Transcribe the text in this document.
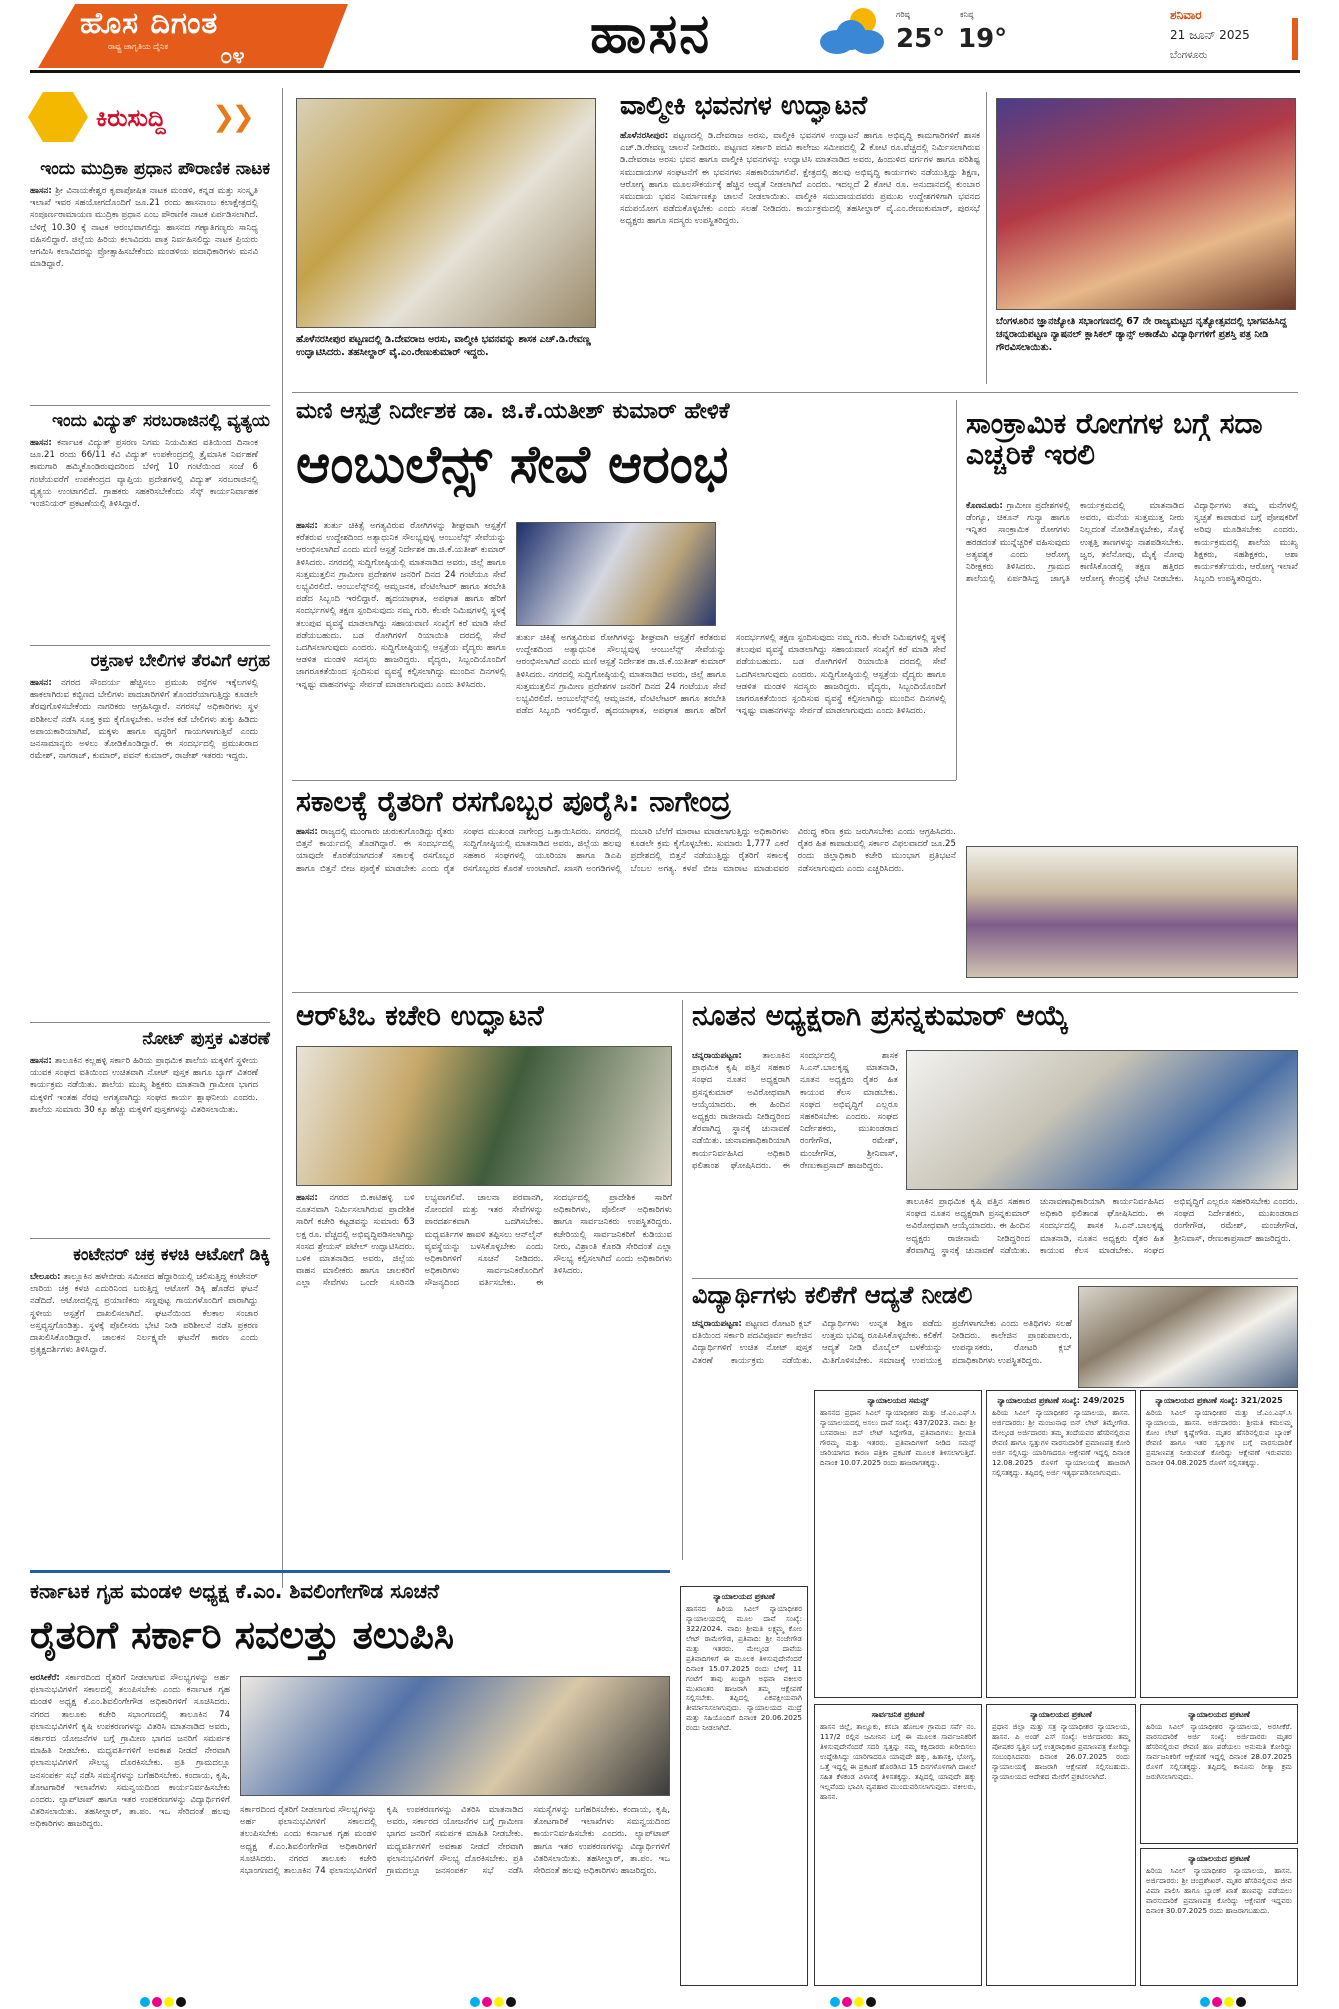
ಹೊಸ ದಿಗಂತ
ರಾಷ್ಟ್ರ ಜಾಗೃತಿಯ ದೈನಿಕ ೦೪	ಹಾಸನ	ಗರಿಷ್ಠ
25°
ಕನಿಷ್ಠ
19°
ಶನಿವಾರ
21 ಜೂನ್ 2025
ಬೆಂಗಳೂರು
ಕಿರುಸುದ್ದಿ ❯❯
ಇಂದು ಮುದ್ರಿಕಾ ಪ್ರಧಾನ ಪೌರಾಣಿಕ ನಾಟಕ
ಹಾಸನ: ಶ್ರೀ ವಿನಾಯಕೇಶ್ವರ ಕೃಪಾಪೋಷಿತ ನಾಟಕ ಮಂಡಳಿ, ಕನ್ನಡ ಮತ್ತು ಸಂಸ್ಕೃತಿ ಇಲಾಖೆ ಇವರ ಸಹಯೋಗದೊಂದಿಗೆ ಜೂ.21 ರಂದು ಹಾಸನಾಂಬ ಕಲಾಕ್ಷೇತ್ರದಲ್ಲಿ ಸಂಪೂರ್ಣರಾಮಾಯಣ ಮುದ್ರಿಕಾ ಪ್ರಧಾನ ಎಂಬ ಪೌರಾಣಿಕ ನಾಟಕ ಏರ್ಪಡಿಸಲಾಗಿದೆ. ಬೆಳಿಗ್ಗೆ 10.30 ಕ್ಕೆ ನಾಟಕ ಆರಂಭವಾಗಲಿದ್ದು ಹಾಸನದ ಗಣ್ಯಾತಿಗಣ್ಯರು ಸಾನಿಧ್ಯ ವಹಿಸಲಿದ್ದಾರೆ. ಜಿಲ್ಲೆಯ ಹಿರಿಯ ಕಲಾವಿದರು ಪಾತ್ರ ನಿರ್ವಹಿಸಲಿದ್ದು ನಾಟಕ ಪ್ರಿಯರು ಆಗಮಿಸಿ ಕಲಾವಿದರನ್ನು ಪ್ರೋತ್ಸಾಹಿಸಬೇಕೆಂದು ಮಂಡಳಿಯ ಪದಾಧಿಕಾರಿಗಳು ಮನವಿ ಮಾಡಿದ್ದಾರೆ.
ಇಂದು ವಿದ್ಯುತ್ ಸರಬರಾಜಿನಲ್ಲಿ ವ್ಯತ್ಯಯ
ಹಾಸನ: ಕರ್ನಾಟಕ ವಿದ್ಯುತ್ ಪ್ರಸರಣ ನಿಗಮ ನಿಯಮಿತದ ವತಿಯಿಂದ ದಿನಾಂಕ ಜೂ.21 ರಂದು 66/11 ಕೆವಿ ವಿದ್ಯುತ್ ಉಪಕೇಂದ್ರದಲ್ಲಿ ತ್ರೈಮಾಸಿಕ ನಿರ್ವಹಣೆ ಕಾಮಗಾರಿ ಹಮ್ಮಿಕೊಂಡಿರುವುದರಿಂದ ಬೆಳಿಗ್ಗೆ 10 ಗಂಟೆಯಿಂದ ಸಂಜೆ 6 ಗಂಟೆಯವರೆಗೆ ಉಪಕೇಂದ್ರದ ವ್ಯಾಪ್ತಿಯ ಪ್ರದೇಶಗಳಲ್ಲಿ ವಿದ್ಯುತ್ ಸರಬರಾಜಿನಲ್ಲಿ ವ್ಯತ್ಯಯ ಉಂಟಾಗಲಿದೆ. ಗ್ರಾಹಕರು ಸಹಕರಿಸಬೇಕೆಂದು ಸೆಸ್ಕ್ ಕಾರ್ಯನಿರ್ವಾಹಕ ಇಂಜಿನಿಯರ್ ಪ್ರಕಟಣೆಯಲ್ಲಿ ತಿಳಿಸಿದ್ದಾರೆ.
ರಕ್ತನಾಳ ಬೇಲಿಗಳ ತೆರವಿಗೆ ಆಗ್ರಹ
ಹಾಸನ: ನಗರದ ಸೌಂದರ್ಯ ಹೆಚ್ಚಿಸಲು ಪ್ರಮುಖ ರಸ್ತೆಗಳ ಇಕ್ಕೆಲಗಳಲ್ಲಿ ಹಾಕಲಾಗಿರುವ ಕಬ್ಬಿಣದ ಬೇಲಿಗಳು ಪಾದಚಾರಿಗಳಿಗೆ ತೊಂದರೆಯಾಗುತ್ತಿದ್ದು ಕೂಡಲೇ ತೆರವುಗೊಳಿಸಬೇಕೆಂದು ನಾಗರಿಕರು ಆಗ್ರಹಿಸಿದ್ದಾರೆ. ನಗರಸಭೆ ಅಧಿಕಾರಿಗಳು ಸ್ಥಳ ಪರಿಶೀಲನೆ ನಡೆಸಿ ಸೂಕ್ತ ಕ್ರಮ ಕೈಗೊಳ್ಳಬೇಕು. ಅನೇಕ ಕಡೆ ಬೇಲಿಗಳು ತುಕ್ಕು ಹಿಡಿದು ಅಪಾಯಕಾರಿಯಾಗಿವೆ, ಮಕ್ಕಳು ಹಾಗೂ ವೃದ್ಧರಿಗೆ ಗಾಯಗಳಾಗುತ್ತಿವೆ ಎಂದು ಜನಸಾಮಾನ್ಯರು ಅಳಲು ತೋಡಿಕೊಂಡಿದ್ದಾರೆ. ಈ ಸಂದರ್ಭದಲ್ಲಿ ಪ್ರಮುಖರಾದ ರಮೇಶ್, ನಾಗರಾಜ್, ಕುಮಾರ್, ಪವನ್ ಕುಮಾರ್, ರಾಜೇಶ್ ಇತರರು ಇದ್ದರು.
ನೋಟ್ ಪುಸ್ತಕ ವಿತರಣೆ
ಹಾಸನ: ತಾಲೂಕಿನ ಕಲ್ಲಹಳ್ಳಿ ಸರ್ಕಾರಿ ಹಿರಿಯ ಪ್ರಾಥಮಿಕ ಶಾಲೆಯ ಮಕ್ಕಳಿಗೆ ಸ್ಥಳೀಯ ಯುವಕ ಸಂಘದ ವತಿಯಿಂದ ಉಚಿತವಾಗಿ ನೋಟ್ ಪುಸ್ತಕ ಹಾಗೂ ಬ್ಯಾಗ್ ವಿತರಣೆ ಕಾರ್ಯಕ್ರಮ ನಡೆಯಿತು. ಶಾಲೆಯ ಮುಖ್ಯ ಶಿಕ್ಷಕರು ಮಾತನಾಡಿ ಗ್ರಾಮೀಣ ಭಾಗದ ಮಕ್ಕಳಿಗೆ ಇಂತಹ ನೆರವು ಅಗತ್ಯವಾಗಿದ್ದು ಸಂಘದ ಕಾರ್ಯ ಶ್ಲಾಘನೀಯ ಎಂದರು. ಶಾಲೆಯ ಸುಮಾರು 30 ಕ್ಕೂ ಹೆಚ್ಚು ಮಕ್ಕಳಿಗೆ ಪುಸ್ತಕಗಳನ್ನು ವಿತರಿಸಲಾಯಿತು.
ಕಂಟೇನರ್ ಚಕ್ರ ಕಳಚಿ ಆಟೋಗೆ ಡಿಕ್ಕಿ
ಬೇಲೂರು: ತಾಲ್ಲೂಕಿನ ಹಳೇಬೀಡು ಸಮೀಪದ ಹೆದ್ದಾರಿಯಲ್ಲಿ ಚಲಿಸುತ್ತಿದ್ದ ಕಂಟೇನರ್ ಲಾರಿಯ ಚಕ್ರ ಕಳಚಿ ಎದುರಿನಿಂದ ಬರುತ್ತಿದ್ದ ಆಟೋಗೆ ಡಿಕ್ಕಿ ಹೊಡೆದ ಘಟನೆ ನಡೆದಿದೆ. ಆಟೋದಲ್ಲಿದ್ದ ಪ್ರಯಾಣಿಕರು ಸಣ್ಣಪುಟ್ಟ ಗಾಯಗಳೊಂದಿಗೆ ಪಾರಾಗಿದ್ದು ಸ್ಥಳೀಯ ಆಸ್ಪತ್ರೆಗೆ ದಾಖಲಿಸಲಾಗಿದೆ. ಘಟನೆಯಿಂದ ಕೆಲಕಾಲ ಸಂಚಾರ ಅಸ್ತವ್ಯಸ್ತಗೊಂಡಿತ್ತು. ಸ್ಥಳಕ್ಕೆ ಪೊಲೀಸರು ಭೇಟಿ ನೀಡಿ ಪರಿಶೀಲನೆ ನಡೆಸಿ ಪ್ರಕರಣ ದಾಖಲಿಸಿಕೊಂಡಿದ್ದಾರೆ. ಚಾಲಕನ ನಿರ್ಲಕ್ಷ್ಯವೇ ಘಟನೆಗೆ ಕಾರಣ ಎಂದು ಪ್ರತ್ಯಕ್ಷದರ್ಶಿಗಳು ತಿಳಿಸಿದ್ದಾರೆ.
ಹೊಳೆನರಸೀಪುರ ಪಟ್ಟಣದಲ್ಲಿ ಡಿ.ದೇವರಾಜ ಅರಸು, ವಾಲ್ಮೀಕಿ ಭವನವನ್ನು ಶಾಸಕ ಎಚ್.ಡಿ.ರೇವಣ್ಣ ಉದ್ಘಾಟಿಸಿದರು. ತಹಸೀಲ್ದಾರ್ ವೈ.ಎಂ.ರೇಣುಕುಮಾರ್ ಇದ್ದರು.
ವಾಲ್ಮೀಕಿ ಭವನಗಳ ಉದ್ಘಾಟನೆ
ಹೊಳೆನರಸೀಪುರ: ಪಟ್ಟಣದಲ್ಲಿ ಡಿ.ದೇವರಾಜ ಅರಸು, ವಾಲ್ಮೀಕಿ ಭವನಗಳ ಉದ್ಘಾಟನೆ ಹಾಗೂ ಅಭಿವೃದ್ಧಿ ಕಾಮಗಾರಿಗಳಿಗೆ ಶಾಸಕ ಎಚ್.ಡಿ.ರೇವಣ್ಣ ಚಾಲನೆ ನೀಡಿದರು. ಪಟ್ಟಣದ ಸರ್ಕಾರಿ ಪದವಿ ಕಾಲೇಜು ಸಮೀಪದಲ್ಲಿ 2 ಕೋಟಿ ರೂ.ವೆಚ್ಚದಲ್ಲಿ ನಿರ್ಮಿಸಲಾಗಿರುವ ಡಿ.ದೇವರಾಜ ಅರಸು ಭವನ ಹಾಗೂ ವಾಲ್ಮೀಕಿ ಭವನಗಳನ್ನು ಉದ್ಘಾಟಿಸಿ ಮಾತನಾಡಿದ ಅವರು, ಹಿಂದುಳಿದ ವರ್ಗಗಳ ಹಾಗೂ ಪರಿಶಿಷ್ಟ ಸಮುದಾಯಗಳ ಸಂಘಟನೆಗೆ ಈ ಭವನಗಳು ಸಹಕಾರಿಯಾಗಲಿವೆ. ಕ್ಷೇತ್ರದಲ್ಲಿ ಹಲವು ಅಭಿವೃದ್ಧಿ ಕಾರ್ಯಗಳು ನಡೆಯುತ್ತಿದ್ದು ಶಿಕ್ಷಣ, ಆರೋಗ್ಯ ಹಾಗೂ ಮೂಲಸೌಕರ್ಯಕ್ಕೆ ಹೆಚ್ಚಿನ ಆದ್ಯತೆ ನೀಡಲಾಗಿದೆ ಎಂದರು. ಇದಲ್ಲದೆ 2 ಕೋಟಿ ರೂ. ಅನುದಾನದಲ್ಲಿ ಕುಂಬಾರ ಸಮುದಾಯ ಭವನ ನಿರ್ಮಾಣಕ್ಕೂ ಚಾಲನೆ ನೀಡಲಾಯಿತು. ವಾಲ್ಮೀಕಿ ಸಮುದಾಯದವರು ಪ್ರಮುಖ ಉದ್ದೇಶಗಳಿಗಾಗಿ ಭವನದ ಸದುಪಯೋಗ ಪಡೆದುಕೊಳ್ಳಬೇಕು ಎಂದು ಸಲಹೆ ನೀಡಿದರು. ಕಾರ್ಯಕ್ರಮದಲ್ಲಿ ತಹಸೀಲ್ದಾರ್ ವೈ.ಎಂ.ರೇಣುಕುಮಾರ್, ಪುರಸಭೆ ಅಧ್ಯಕ್ಷರು ಹಾಗೂ ಸದಸ್ಯರು ಉಪಸ್ಥಿತರಿದ್ದರು.
ಬೆಂಗಳೂರಿನ ಜ್ಞಾನಜ್ಯೋತಿ ಸಭಾಂಗಣದಲ್ಲಿ 67 ನೇ ರಾಜ್ಯಮಟ್ಟದ ನೃತ್ಯೋತ್ಸವದಲ್ಲಿ ಭಾಗವಹಿಸಿದ್ದ ಚನ್ನರಾಯಪಟ್ಟಣ ನ್ಯಾಷನಲ್ ಕ್ಲಾಸಿಕಲ್ ಡ್ಯಾನ್ಸ್ ಅಕಾಡೆಮಿ ವಿದ್ಯಾರ್ಥಿಗಳಿಗೆ ಪ್ರಶಸ್ತಿ ಪತ್ರ ನೀಡಿ ಗೌರವಿಸಲಾಯಿತು.
ಮಣಿ ಆಸ್ಪತ್ರೆ ನಿರ್ದೇಶಕ ಡಾ. ಜಿ.ಕೆ.ಯತೀಶ್ ಕುಮಾರ್ ಹೇಳಿಕೆ
ಆಂಬುಲೆನ್ಸ್ ಸೇವೆ ಆರಂಭ
ಹಾಸನ: ತುರ್ತು ಚಿಕಿತ್ಸೆ ಅಗತ್ಯವಿರುವ ರೋಗಿಗಳನ್ನು ಶೀಘ್ರವಾಗಿ ಆಸ್ಪತ್ರೆಗೆ ಕರೆತರುವ ಉದ್ದೇಶದಿಂದ ಅತ್ಯಾಧುನಿಕ ಸೌಲಭ್ಯವುಳ್ಳ ಆಂಬುಲೆನ್ಸ್ ಸೇವೆಯನ್ನು ಆರಂಭಿಸಲಾಗಿದೆ ಎಂದು ಮಣಿ ಆಸ್ಪತ್ರೆ ನಿರ್ದೇಶಕ ಡಾ.ಜಿ.ಕೆ.ಯತೀಶ್ ಕುಮಾರ್ ತಿಳಿಸಿದರು. ನಗರದಲ್ಲಿ ಸುದ್ದಿಗೋಷ್ಠಿಯಲ್ಲಿ ಮಾತನಾಡಿದ ಅವರು, ಜಿಲ್ಲೆ ಹಾಗೂ ಸುತ್ತಮುತ್ತಲಿನ ಗ್ರಾಮೀಣ ಪ್ರದೇಶಗಳ ಜನರಿಗೆ ದಿನದ 24 ಗಂಟೆಯೂ ಸೇವೆ ಲಭ್ಯವಿರಲಿದೆ. ಆಂಬುಲೆನ್ಸ್‌ನಲ್ಲಿ ಆಮ್ಲಜನಕ, ವೆಂಟಿಲೇಟರ್ ಹಾಗೂ ತರಬೇತಿ ಪಡೆದ ಸಿಬ್ಬಂದಿ ಇರಲಿದ್ದಾರೆ. ಹೃದಯಾಘಾತ, ಅಪಘಾತ ಹಾಗೂ ಹೆರಿಗೆ ಸಂದರ್ಭಗಳಲ್ಲಿ ತಕ್ಷಣ ಸ್ಪಂದಿಸುವುದು ನಮ್ಮ ಗುರಿ. ಕೆಲವೇ ನಿಮಿಷಗಳಲ್ಲಿ ಸ್ಥಳಕ್ಕೆ ತಲುಪುವ ವ್ಯವಸ್ಥೆ ಮಾಡಲಾಗಿದ್ದು ಸಹಾಯವಾಣಿ ಸಂಖ್ಯೆಗೆ ಕರೆ ಮಾಡಿ ಸೇವೆ ಪಡೆಯಬಹುದು. ಬಡ ರೋಗಿಗಳಿಗೆ ರಿಯಾಯಿತಿ ದರದಲ್ಲಿ ಸೇವೆ ಒದಗಿಸಲಾಗುವುದು ಎಂದರು. ಸುದ್ದಿಗೋಷ್ಠಿಯಲ್ಲಿ ಆಸ್ಪತ್ರೆಯ ವೈದ್ಯರು ಹಾಗೂ ಆಡಳಿತ ಮಂಡಳಿ ಸದಸ್ಯರು ಹಾಜರಿದ್ದರು. ವೈದ್ಯರು, ಸಿಬ್ಬಂದಿಯೊಂದಿಗೆ ಜಾಗರೂಕತೆಯಿಂದ ಸ್ಪಂದಿಸುವ ವ್ಯವಸ್ಥೆ ಕಲ್ಪಿಸಲಾಗಿದ್ದು ಮುಂದಿನ ದಿನಗಳಲ್ಲಿ ಇನ್ನಷ್ಟು ವಾಹನಗಳನ್ನು ಸೇರ್ಪಡೆ ಮಾಡಲಾಗುವುದು ಎಂದು ತಿಳಿಸಿದರು.
ತುರ್ತು ಚಿಕಿತ್ಸೆ ಅಗತ್ಯವಿರುವ ರೋಗಿಗಳನ್ನು ಶೀಘ್ರವಾಗಿ ಆಸ್ಪತ್ರೆಗೆ ಕರೆತರುವ ಉದ್ದೇಶದಿಂದ ಅತ್ಯಾಧುನಿಕ ಸೌಲಭ್ಯವುಳ್ಳ ಆಂಬುಲೆನ್ಸ್ ಸೇವೆಯನ್ನು ಆರಂಭಿಸಲಾಗಿದೆ ಎಂದು ಮಣಿ ಆಸ್ಪತ್ರೆ ನಿರ್ದೇಶಕ ಡಾ.ಜಿ.ಕೆ.ಯತೀಶ್ ಕುಮಾರ್ ತಿಳಿಸಿದರು. ನಗರದಲ್ಲಿ ಸುದ್ದಿಗೋಷ್ಠಿಯಲ್ಲಿ ಮಾತನಾಡಿದ ಅವರು, ಜಿಲ್ಲೆ ಹಾಗೂ ಸುತ್ತಮುತ್ತಲಿನ ಗ್ರಾಮೀಣ ಪ್ರದೇಶಗಳ ಜನರಿಗೆ ದಿನದ 24 ಗಂಟೆಯೂ ಸೇವೆ ಲಭ್ಯವಿರಲಿದೆ. ಆಂಬುಲೆನ್ಸ್‌ನಲ್ಲಿ ಆಮ್ಲಜನಕ, ವೆಂಟಿಲೇಟರ್ ಹಾಗೂ ತರಬೇತಿ ಪಡೆದ ಸಿಬ್ಬಂದಿ ಇರಲಿದ್ದಾರೆ. ಹೃದಯಾಘಾತ, ಅಪಘಾತ ಹಾಗೂ ಹೆರಿಗೆ ಸಂದರ್ಭಗಳಲ್ಲಿ ತಕ್ಷಣ ಸ್ಪಂದಿಸುವುದು ನಮ್ಮ ಗುರಿ. ಕೆಲವೇ ನಿಮಿಷಗಳಲ್ಲಿ ಸ್ಥಳಕ್ಕೆ ತಲುಪುವ ವ್ಯವಸ್ಥೆ ಮಾಡಲಾಗಿದ್ದು ಸಹಾಯವಾಣಿ ಸಂಖ್ಯೆಗೆ ಕರೆ ಮಾಡಿ ಸೇವೆ ಪಡೆಯಬಹುದು. ಬಡ ರೋಗಿಗಳಿಗೆ ರಿಯಾಯಿತಿ ದರದಲ್ಲಿ ಸೇವೆ ಒದಗಿಸಲಾಗುವುದು ಎಂದರು. ಸುದ್ದಿಗೋಷ್ಠಿಯಲ್ಲಿ ಆಸ್ಪತ್ರೆಯ ವೈದ್ಯರು ಹಾಗೂ ಆಡಳಿತ ಮಂಡಳಿ ಸದಸ್ಯರು ಹಾಜರಿದ್ದರು. ವೈದ್ಯರು, ಸಿಬ್ಬಂದಿಯೊಂದಿಗೆ ಜಾಗರೂಕತೆಯಿಂದ ಸ್ಪಂದಿಸುವ ವ್ಯವಸ್ಥೆ ಕಲ್ಪಿಸಲಾಗಿದ್ದು ಮುಂದಿನ ದಿನಗಳಲ್ಲಿ ಇನ್ನಷ್ಟು ವಾಹನಗಳನ್ನು ಸೇರ್ಪಡೆ ಮಾಡಲಾಗುವುದು ಎಂದು ತಿಳಿಸಿದರು.
ಸಾಂಕ್ರಾಮಿಕ ರೋಗಗಳ ಬಗ್ಗೆ ಸದಾ ಎಚ್ಚರಿಕೆ ಇರಲಿ
ಕೊಣನೂರು: ಗ್ರಾಮೀಣ ಪ್ರದೇಶಗಳಲ್ಲಿ ಡೆಂಗ್ಯೂ, ಚಿಕೂನ್ ಗುನ್ಯಾ ಹಾಗೂ ಇನ್ನಿತರ ಸಾಂಕ್ರಾಮಿಕ ರೋಗಗಳು ಹರಡದಂತೆ ಮುನ್ನೆಚ್ಚರಿಕೆ ವಹಿಸುವುದು ಅತ್ಯವಶ್ಯಕ ಎಂದು ಆರೋಗ್ಯ ನಿರೀಕ್ಷಕರು ತಿಳಿಸಿದರು. ಗ್ರಾಮದ ಶಾಲೆಯಲ್ಲಿ ಏರ್ಪಡಿಸಿದ್ದ ಜಾಗೃತಿ ಕಾರ್ಯಕ್ರಮದಲ್ಲಿ ಮಾತನಾಡಿದ ಅವರು, ಮನೆಯ ಸುತ್ತಮುತ್ತ ನೀರು ನಿಲ್ಲದಂತೆ ನೋಡಿಕೊಳ್ಳಬೇಕು, ಸೊಳ್ಳೆ ಉತ್ಪತ್ತಿ ತಾಣಗಳನ್ನು ನಾಶಪಡಿಸಬೇಕು. ಜ್ವರ, ತಲೆನೋವು, ಮೈಕೈ ನೋವು ಕಾಣಿಸಿಕೊಂಡಲ್ಲಿ ತಕ್ಷಣ ಹತ್ತಿರದ ಆರೋಗ್ಯ ಕೇಂದ್ರಕ್ಕೆ ಭೇಟಿ ನೀಡಬೇಕು. ವಿದ್ಯಾರ್ಥಿಗಳು ತಮ್ಮ ಮನೆಗಳಲ್ಲಿ ಸ್ವಚ್ಛತೆ ಕಾಪಾಡುವ ಬಗ್ಗೆ ಪೋಷಕರಿಗೆ ಅರಿವು ಮೂಡಿಸಬೇಕು ಎಂದರು. ಕಾರ್ಯಕ್ರಮದಲ್ಲಿ ಶಾಲೆಯ ಮುಖ್ಯ ಶಿಕ್ಷಕರು, ಸಹಶಿಕ್ಷಕರು, ಆಶಾ ಕಾರ್ಯಕರ್ತೆಯರು, ಆರೋಗ್ಯ ಇಲಾಖೆ ಸಿಬ್ಬಂದಿ ಉಪಸ್ಥಿತರಿದ್ದರು.
ಸಕಾಲಕ್ಕೆ ರೈತರಿಗೆ ರಸಗೊಬ್ಬರ ಪೂರೈಸಿ: ನಾಗೇಂದ್ರ
ಹಾಸನ: ರಾಜ್ಯದಲ್ಲಿ ಮುಂಗಾರು ಚುರುಕುಗೊಂಡಿದ್ದು ರೈತರು ಬಿತ್ತನೆ ಕಾರ್ಯದಲ್ಲಿ ತೊಡಗಿದ್ದಾರೆ. ಈ ಸಂದರ್ಭದಲ್ಲಿ ಯಾವುದೇ ಕೊರತೆಯಾಗದಂತೆ ಸಕಾಲಕ್ಕೆ ರಸಗೊಬ್ಬರ ಹಾಗೂ ಬಿತ್ತನೆ ಬೀಜ ಪೂರೈಕೆ ಮಾಡಬೇಕು ಎಂದು ರೈತ ಸಂಘದ ಮುಖಂಡ ನಾಗೇಂದ್ರ ಒತ್ತಾಯಿಸಿದರು. ನಗರದಲ್ಲಿ ಸುದ್ದಿಗೋಷ್ಠಿಯಲ್ಲಿ ಮಾತನಾಡಿದ ಅವರು, ಜಿಲ್ಲೆಯ ಹಲವು ಸಹಕಾರ ಸಂಘಗಳಲ್ಲಿ ಯೂರಿಯಾ ಹಾಗೂ ಡಿಎಪಿ ರಸಗೊಬ್ಬರದ ಕೊರತೆ ಉಂಟಾಗಿದೆ. ಖಾಸಗಿ ಅಂಗಡಿಗಳಲ್ಲಿ ದುಬಾರಿ ಬೆಲೆಗೆ ಮಾರಾಟ ಮಾಡಲಾಗುತ್ತಿದ್ದು ಅಧಿಕಾರಿಗಳು ಕೂಡಲೇ ಕ್ರಮ ಕೈಗೊಳ್ಳಬೇಕು. ಸುಮಾರು 1,777 ಎಕರೆ ಪ್ರದೇಶದಲ್ಲಿ ಬಿತ್ತನೆ ನಡೆಯುತ್ತಿದ್ದು ರೈತರಿಗೆ ಸಕಾಲಕ್ಕೆ ಬೆಂಬಲ ಅಗತ್ಯ. ಕಳಪೆ ಬೀಜ ಮಾರಾಟ ಮಾಡುವವರ ವಿರುದ್ಧ ಕಠಿಣ ಕ್ರಮ ಜರುಗಿಸಬೇಕು ಎಂದು ಆಗ್ರಹಿಸಿದರು. ರೈತರ ಹಿತ ಕಾಪಾಡುವಲ್ಲಿ ಸರ್ಕಾರ ವಿಫಲವಾದರೆ ಜೂ.25 ರಂದು ಜಿಲ್ಲಾಧಿಕಾರಿ ಕಚೇರಿ ಮುಂಭಾಗ ಪ್ರತಿಭಟನೆ ನಡೆಸಲಾಗುವುದು ಎಂದು ಎಚ್ಚರಿಸಿದರು.
ಆರ್‌ಟಿಒ ಕಚೇರಿ ಉದ್ಘಾಟನೆ
ಹಾಸನ: ನಗರದ ಬಿ.ಕಾಟಿಹಳ್ಳಿ ಬಳಿ ನೂತನವಾಗಿ ನಿರ್ಮಿಸಲಾಗಿರುವ ಪ್ರಾದೇಶಿಕ ಸಾರಿಗೆ ಕಚೇರಿ ಕಟ್ಟಡವನ್ನು ಸುಮಾರು 63 ಲಕ್ಷ ರೂ. ವೆಚ್ಚದಲ್ಲಿ ಅಭಿವೃದ್ಧಿಪಡಿಸಲಾಗಿದ್ದು ಸಂಸದ ಶ್ರೇಯಸ್ ಪಟೇಲ್ ಉದ್ಘಾಟಿಸಿದರು. ಬಳಿಕ ಮಾತನಾಡಿದ ಅವರು, ಜಿಲ್ಲೆಯ ವಾಹನ ಮಾಲೀಕರು ಹಾಗೂ ಚಾಲಕರಿಗೆ ಎಲ್ಲಾ ಸೇವೆಗಳು ಒಂದೇ ಸೂರಿನಡಿ ಲಭ್ಯವಾಗಲಿವೆ. ಚಾಲನಾ ಪರವಾನಗಿ, ನೋಂದಣಿ ಮತ್ತು ಇತರ ಸೇವೆಗಳನ್ನು ಪಾರದರ್ಶಕವಾಗಿ ಒದಗಿಸಬೇಕು. ಮಧ್ಯವರ್ತಿಗಳ ಹಾವಳಿ ತಪ್ಪಿಸಲು ಆನ್‌ಲೈನ್ ವ್ಯವಸ್ಥೆಯನ್ನು ಬಳಸಿಕೊಳ್ಳಬೇಕು ಎಂದು ಅಧಿಕಾರಿಗಳಿಗೆ ಸೂಚನೆ ನೀಡಿದರು. ಅಧಿಕಾರಿಗಳು ಸಾರ್ವಜನಿಕರೊಂದಿಗೆ ಸೌಜನ್ಯದಿಂದ ವರ್ತಿಸಬೇಕು. ಈ ಸಂದರ್ಭದಲ್ಲಿ ಪ್ರಾದೇಶಿಕ ಸಾರಿಗೆ ಅಧಿಕಾರಿಗಳು, ಪೊಲೀಸ್ ಅಧಿಕಾರಿಗಳು ಹಾಗೂ ಸಾರ್ವಜನಿಕರು ಉಪಸ್ಥಿತರಿದ್ದರು. ಕಚೇರಿಯಲ್ಲಿ ಸಾರ್ವಜನಿಕರಿಗೆ ಕುಡಿಯುವ ನೀರು, ವಿಶ್ರಾಂತಿ ಕೊಠಡಿ ಸೇರಿದಂತೆ ಎಲ್ಲಾ ಸೌಲಭ್ಯ ಕಲ್ಪಿಸಲಾಗಿದೆ ಎಂದು ಅಧಿಕಾರಿಗಳು ತಿಳಿಸಿದರು.
ನೂತನ ಅಧ್ಯಕ್ಷರಾಗಿ ಪ್ರಸನ್ನಕುಮಾರ್ ಆಯ್ಕೆ
ಚನ್ನರಾಯಪಟ್ಟಣ: ತಾಲೂಕಿನ ಪ್ರಾಥಮಿಕ ಕೃಷಿ ಪತ್ತಿನ ಸಹಕಾರ ಸಂಘದ ನೂತನ ಅಧ್ಯಕ್ಷರಾಗಿ ಪ್ರಸನ್ನಕುಮಾರ್ ಅವಿರೋಧವಾಗಿ ಆಯ್ಕೆಯಾದರು. ಈ ಹಿಂದಿನ ಅಧ್ಯಕ್ಷರು ರಾಜೀನಾಮೆ ನೀಡಿದ್ದರಿಂದ ತೆರವಾಗಿದ್ದ ಸ್ಥಾನಕ್ಕೆ ಚುನಾವಣೆ ನಡೆಯಿತು. ಚುನಾವಣಾಧಿಕಾರಿಯಾಗಿ ಕಾರ್ಯನಿರ್ವಹಿಸಿದ ಅಧಿಕಾರಿ ಫಲಿತಾಂಶ ಘೋಷಿಸಿದರು. ಈ ಸಂದರ್ಭದಲ್ಲಿ ಶಾಸಕ ಸಿ.ಎನ್.ಬಾಲಕೃಷ್ಣ ಮಾತನಾಡಿ, ನೂತನ ಅಧ್ಯಕ್ಷರು ರೈತರ ಹಿತ ಕಾಯುವ ಕೆಲಸ ಮಾಡಬೇಕು. ಸಂಘದ ಅಭಿವೃದ್ಧಿಗೆ ಎಲ್ಲರೂ ಸಹಕರಿಸಬೇಕು ಎಂದರು. ಸಂಘದ ನಿರ್ದೇಶಕರು, ಮುಖಂಡರಾದ ರಂಗೇಗೌಡ, ರಮೇಶ್, ಮಂಜೇಗೌಡ, ಶ್ರೀನಿವಾಸ್, ರೇಣುಕಾಪ್ರಸಾದ್ ಹಾಜರಿದ್ದರು.
ತಾಲೂಕಿನ ಪ್ರಾಥಮಿಕ ಕೃಷಿ ಪತ್ತಿನ ಸಹಕಾರ ಸಂಘದ ನೂತನ ಅಧ್ಯಕ್ಷರಾಗಿ ಪ್ರಸನ್ನಕುಮಾರ್ ಅವಿರೋಧವಾಗಿ ಆಯ್ಕೆಯಾದರು. ಈ ಹಿಂದಿನ ಅಧ್ಯಕ್ಷರು ರಾಜೀನಾಮೆ ನೀಡಿದ್ದರಿಂದ ತೆರವಾಗಿದ್ದ ಸ್ಥಾನಕ್ಕೆ ಚುನಾವಣೆ ನಡೆಯಿತು. ಚುನಾವಣಾಧಿಕಾರಿಯಾಗಿ ಕಾರ್ಯನಿರ್ವಹಿಸಿದ ಅಧಿಕಾರಿ ಫಲಿತಾಂಶ ಘೋಷಿಸಿದರು. ಈ ಸಂದರ್ಭದಲ್ಲಿ ಶಾಸಕ ಸಿ.ಎನ್.ಬಾಲಕೃಷ್ಣ ಮಾತನಾಡಿ, ನೂತನ ಅಧ್ಯಕ್ಷರು ರೈತರ ಹಿತ ಕಾಯುವ ಕೆಲಸ ಮಾಡಬೇಕು. ಸಂಘದ ಅಭಿವೃದ್ಧಿಗೆ ಎಲ್ಲರೂ ಸಹಕರಿಸಬೇಕು ಎಂದರು. ಸಂಘದ ನಿರ್ದೇಶಕರು, ಮುಖಂಡರಾದ ರಂಗೇಗೌಡ, ರಮೇಶ್, ಮಂಜೇಗೌಡ, ಶ್ರೀನಿವಾಸ್, ರೇಣುಕಾಪ್ರಸಾದ್ ಹಾಜರಿದ್ದರು.
ವಿದ್ಯಾರ್ಥಿಗಳು ಕಲಿಕೆಗೆ ಆದ್ಯತೆ ನೀಡಲಿ
ಚನ್ನರಾಯಪಟ್ಟಣ: ಪಟ್ಟಣದ ರೋಟರಿ ಕ್ಲಬ್ ವತಿಯಿಂದ ಸರ್ಕಾರಿ ಪದವಿಪೂರ್ವ ಕಾಲೇಜಿನ ವಿದ್ಯಾರ್ಥಿಗಳಿಗೆ ಉಚಿತ ನೋಟ್ ಪುಸ್ತಕ ವಿತರಣೆ ಕಾರ್ಯಕ್ರಮ ನಡೆಯಿತು. ವಿದ್ಯಾರ್ಥಿಗಳು ಉನ್ನತ ಶಿಕ್ಷಣ ಪಡೆದು ಉತ್ತಮ ಭವಿಷ್ಯ ರೂಪಿಸಿಕೊಳ್ಳಬೇಕು. ಕಲಿಕೆಗೆ ಆದ್ಯತೆ ನೀಡಿ ಮೊಬೈಲ್ ಬಳಕೆಯನ್ನು ಮಿತಿಗೊಳಿಸಬೇಕು. ಸಮಾಜಕ್ಕೆ ಉಪಯುಕ್ತ ಪ್ರಜೆಗಳಾಗಬೇಕು ಎಂದು ಅತಿಥಿಗಳು ಸಲಹೆ ನೀಡಿದರು. ಕಾಲೇಜಿನ ಪ್ರಾಂಶುಪಾಲರು, ಉಪನ್ಯಾಸಕರು, ರೋಟರಿ ಕ್ಲಬ್ ಪದಾಧಿಕಾರಿಗಳು ಉಪಸ್ಥಿತರಿದ್ದರು.
ನ್ಯಾಯಾಲಯದ ಸಮನ್ಸ್
ಹಾಸನದ ಪ್ರಧಾನ ಸಿವಿಲ್ ನ್ಯಾಯಾಧೀಶರ ಮತ್ತು ಜೆ.ಎಂ.ಎಫ್.ಸಿ ನ್ಯಾಯಾಲಯದಲ್ಲಿ ಅಸಲು ದಾವೆ ಸಂಖ್ಯೆ: 437/2023. ವಾದಿ: ಶ್ರೀ ಬಸವರಾಜು ಬಿನ್ ಲೇಟ್ ಸಿದ್ದೇಗೌಡ, ಪ್ರತಿವಾದಿಗಳು: ಶ್ರೀಮತಿ ಗೌರಮ್ಮ ಮತ್ತು ಇತರರು. ಪ್ರತಿವಾದಿಗಳಿಗೆ ನೀಡಿದ ಸಮನ್ಸ್ ಜಾರಿಯಾಗದ ಕಾರಣ ಪತ್ರಿಕಾ ಪ್ರಕಟಣೆ ಮೂಲಕ ತಿಳಿಸಲಾಗುತ್ತಿದೆ. ದಿನಾಂಕ 10.07.2025 ರಂದು ಹಾಜರಾಗತಕ್ಕದ್ದು.
ನ್ಯಾಯಾಲಯದ ಪ್ರಕಟಣೆ ಸಂಖ್ಯೆ: 249/2025
ಹಿರಿಯ ಸಿವಿಲ್ ನ್ಯಾಯಾಧೀಶರ ನ್ಯಾಯಾಲಯ, ಹಾಸನ. ಅರ್ಜಿದಾರರು: ಶ್ರೀ ಮಂಜುನಾಥ ಬಿನ್ ಲೇಟ್ ತಿಮ್ಮೇಗೌಡ. ಮೇಲ್ಕಂಡ ಅರ್ಜಿದಾರರು ತಮ್ಮ ತಂದೆಯವರ ಹೆಸರಿನಲ್ಲಿರುವ ಠೇವಣಿ ಹಾಗೂ ಸ್ವತ್ತುಗಳ ವಾರಸುದಾರಿಕೆ ಪ್ರಮಾಣಪತ್ರ ಕೋರಿ ಅರ್ಜಿ ಸಲ್ಲಿಸಿದ್ದು ಯಾರಿಗಾದರೂ ಆಕ್ಷೇಪಣೆ ಇದ್ದಲ್ಲಿ ದಿನಾಂಕ 12.08.2025 ರೊಳಗೆ ನ್ಯಾಯಾಲಯಕ್ಕೆ ಹಾಜರಾಗಿ ಸಲ್ಲಿಸತಕ್ಕದ್ದು. ತಪ್ಪಿದಲ್ಲಿ ಅರ್ಜಿ ಇತ್ಯರ್ಥಪಡಿಸಲಾಗುವುದು.
ನ್ಯಾಯಾಲಯದ ಪ್ರಕಟಣೆ ಸಂಖ್ಯೆ: 321/2025
ಹಿರಿಯ ಸಿವಿಲ್ ನ್ಯಾಯಾಧೀಶರ ಮತ್ತು ಜೆ.ಎಂ.ಎಫ್.ಸಿ ನ್ಯಾಯಾಲಯ, ಹಾಸನ. ಅರ್ಜಿದಾರರು: ಶ್ರೀಮತಿ ಕಮಲಮ್ಮ ಕೋಂ ಲೇಟ್ ಕೃಷ್ಣೇಗೌಡ. ಮೃತರ ಹೆಸರಿನಲ್ಲಿರುವ ಬ್ಯಾಂಕ್ ಠೇವಣಿ ಹಾಗೂ ಇತರ ಸ್ವತ್ತುಗಳ ಬಗ್ಗೆ ವಾರಸುದಾರಿಕೆ ಪ್ರಮಾಣಪತ್ರ ನೀಡುವಂತೆ ಕೋರಿದ್ದು ಆಕ್ಷೇಪಣೆ ಇರುವವರು ದಿನಾಂಕ 04.08.2025 ರೊಳಗೆ ಸಲ್ಲಿಸತಕ್ಕದ್ದು.
ಕರ್ನಾಟಕ ಗೃಹ ಮಂಡಳಿ ಅಧ್ಯಕ್ಷ ಕೆ.ಎಂ. ಶಿವಲಿಂಗೇಗೌಡ ಸೂಚನೆ
ರೈತರಿಗೆ ಸರ್ಕಾರಿ ಸವಲತ್ತು ತಲುಪಿಸಿ
ಅರಸೀಕೆರೆ: ಸರ್ಕಾರದಿಂದ ರೈತರಿಗೆ ನೀಡಲಾಗುವ ಸೌಲಭ್ಯಗಳನ್ನು ಅರ್ಹ ಫಲಾನುಭವಿಗಳಿಗೆ ಸಕಾಲದಲ್ಲಿ ತಲುಪಿಸಬೇಕು ಎಂದು ಕರ್ನಾಟಕ ಗೃಹ ಮಂಡಳಿ ಅಧ್ಯಕ್ಷ ಕೆ.ಎಂ.ಶಿವಲಿಂಗೇಗೌಡ ಅಧಿಕಾರಿಗಳಿಗೆ ಸೂಚಿಸಿದರು. ನಗರದ ತಾಲೂಕು ಕಚೇರಿ ಸಭಾಂಗಣದಲ್ಲಿ ತಾಲೂಕಿನ 74 ಫಲಾನುಭವಿಗಳಿಗೆ ಕೃಷಿ ಉಪಕರಣಗಳನ್ನು ವಿತರಿಸಿ ಮಾತನಾಡಿದ ಅವರು, ಸರ್ಕಾರದ ಯೋಜನೆಗಳ ಬಗ್ಗೆ ಗ್ರಾಮೀಣ ಭಾಗದ ಜನರಿಗೆ ಸಮರ್ಪಕ ಮಾಹಿತಿ ನೀಡಬೇಕು. ಮಧ್ಯವರ್ತಿಗಳಿಗೆ ಅವಕಾಶ ನೀಡದೆ ನೇರವಾಗಿ ಫಲಾನುಭವಿಗಳಿಗೆ ಸೌಲಭ್ಯ ದೊರಕಿಸಬೇಕು. ಪ್ರತಿ ಗ್ರಾಮದಲ್ಲೂ ಜನಸಂಪರ್ಕ ಸಭೆ ನಡೆಸಿ ಸಮಸ್ಯೆಗಳನ್ನು ಬಗೆಹರಿಸಬೇಕು. ಕಂದಾಯ, ಕೃಷಿ, ತೋಟಗಾರಿಕೆ ಇಲಾಖೆಗಳು ಸಮನ್ವಯದಿಂದ ಕಾರ್ಯನಿರ್ವಹಿಸಬೇಕು ಎಂದರು. ಲ್ಯಾಪ್‌ಟಾಪ್ ಹಾಗೂ ಇತರ ಉಪಕರಣಗಳನ್ನು ವಿದ್ಯಾರ್ಥಿಗಳಿಗೆ ವಿತರಿಸಲಾಯಿತು. ತಹಸೀಲ್ದಾರ್, ತಾ.ಪಂ. ಇಒ ಸೇರಿದಂತೆ ಹಲವು ಅಧಿಕಾರಿಗಳು ಹಾಜರಿದ್ದರು.
ಸರ್ಕಾರದಿಂದ ರೈತರಿಗೆ ನೀಡಲಾಗುವ ಸೌಲಭ್ಯಗಳನ್ನು ಅರ್ಹ ಫಲಾನುಭವಿಗಳಿಗೆ ಸಕಾಲದಲ್ಲಿ ತಲುಪಿಸಬೇಕು ಎಂದು ಕರ್ನಾಟಕ ಗೃಹ ಮಂಡಳಿ ಅಧ್ಯಕ್ಷ ಕೆ.ಎಂ.ಶಿವಲಿಂಗೇಗೌಡ ಅಧಿಕಾರಿಗಳಿಗೆ ಸೂಚಿಸಿದರು. ನಗರದ ತಾಲೂಕು ಕಚೇರಿ ಸಭಾಂಗಣದಲ್ಲಿ ತಾಲೂಕಿನ 74 ಫಲಾನುಭವಿಗಳಿಗೆ ಕೃಷಿ ಉಪಕರಣಗಳನ್ನು ವಿತರಿಸಿ ಮಾತನಾಡಿದ ಅವರು, ಸರ್ಕಾರದ ಯೋಜನೆಗಳ ಬಗ್ಗೆ ಗ್ರಾಮೀಣ ಭಾಗದ ಜನರಿಗೆ ಸಮರ್ಪಕ ಮಾಹಿತಿ ನೀಡಬೇಕು. ಮಧ್ಯವರ್ತಿಗಳಿಗೆ ಅವಕಾಶ ನೀಡದೆ ನೇರವಾಗಿ ಫಲಾನುಭವಿಗಳಿಗೆ ಸೌಲಭ್ಯ ದೊರಕಿಸಬೇಕು. ಪ್ರತಿ ಗ್ರಾಮದಲ್ಲೂ ಜನಸಂಪರ್ಕ ಸಭೆ ನಡೆಸಿ ಸಮಸ್ಯೆಗಳನ್ನು ಬಗೆಹರಿಸಬೇಕು. ಕಂದಾಯ, ಕೃಷಿ, ತೋಟಗಾರಿಕೆ ಇಲಾಖೆಗಳು ಸಮನ್ವಯದಿಂದ ಕಾರ್ಯನಿರ್ವಹಿಸಬೇಕು ಎಂದರು. ಲ್ಯಾಪ್‌ಟಾಪ್ ಹಾಗೂ ಇತರ ಉಪಕರಣಗಳನ್ನು ವಿದ್ಯಾರ್ಥಿಗಳಿಗೆ ವಿತರಿಸಲಾಯಿತು. ತಹಸೀಲ್ದಾರ್, ತಾ.ಪಂ. ಇಒ ಸೇರಿದಂತೆ ಹಲವು ಅಧಿಕಾರಿಗಳು ಹಾಜರಿದ್ದರು.
ನ್ಯಾಯಾಲಯದ ಪ್ರಕಟಣೆ
ಹಾಸನದ ಹಿರಿಯ ಸಿವಿಲ್ ನ್ಯಾಯಾಧೀಶರ ನ್ಯಾಯಾಲಯದಲ್ಲಿ ಮೂಲ ದಾವೆ ಸಂಖ್ಯೆ: 322/2024. ವಾದಿ: ಶ್ರೀಮತಿ ಲಕ್ಷ್ಮಮ್ಮ ಕೋಂ ಲೇಟ್ ರಾಮೇಗೌಡ, ಪ್ರತಿವಾದಿ: ಶ್ರೀ ನಂಜೇಗೌಡ ಮತ್ತು ಇತರರು. ಮೇಲ್ಕಂಡ ದಾವೆಯ ಪ್ರತಿವಾದಿಗಳಿಗೆ ಈ ಮೂಲಕ ತಿಳಿಸುವುದೇನೆಂದರೆ ದಿನಾಂಕ 15.07.2025 ರಂದು ಬೆಳಿಗ್ಗೆ 11 ಗಂಟೆಗೆ ತಾವು ಖುದ್ದಾಗಿ ಅಥವಾ ವಕೀಲರ ಮುಖಾಂತರ ಹಾಜರಾಗಿ ತಮ್ಮ ಆಕ್ಷೇಪಣೆ ಸಲ್ಲಿಸಬೇಕು. ತಪ್ಪಿದಲ್ಲಿ ಏಕಪಕ್ಷೀಯವಾಗಿ ತೀರ್ಮಾನಿಸಲಾಗುವುದು. ನ್ಯಾಯಾಲಯದ ಮುದ್ರೆ ಮತ್ತು ಸಹಿಯೊಂದಿಗೆ ದಿನಾಂಕ 20.06.2025 ರಂದು ನೀಡಲಾಗಿದೆ.
ಸಾರ್ವಜನಿಕ ಪ್ರಕಟಣೆ
ಹಾಸನ ಜಿಲ್ಲೆ, ತಾಲ್ಲೂಕು, ಕಸಬಾ ಹೋಬಳಿ ಗ್ರಾಮದ ಸರ್ವೆ ನಂ. 117/2 ರಲ್ಲಿನ ಜಮೀನಿನ ಬಗ್ಗೆ ಈ ಮೂಲಕ ಸಾರ್ವಜನಿಕರಿಗೆ ತಿಳಿಸುವುದೇನೆಂದರೆ ಸದರಿ ಸ್ವತ್ತನ್ನು ನಮ್ಮ ಕಕ್ಷಿದಾರರು ಖರೀದಿಸಲು ಉದ್ದೇಶಿಸಿದ್ದು ಯಾರಿಗಾದರೂ ಯಾವುದೇ ಹಕ್ಕು, ಹಿತಾಸಕ್ತಿ, ಭೋಗ್ಯ, ಒತ್ತೆ ಇದ್ದಲ್ಲಿ ಈ ಪ್ರಕಟಣೆ ಹೊರಡಿಸಿದ 15 ದಿನಗಳೊಳಗಾಗಿ ದಾಖಲೆ ಸಹಿತ ಕೆಳಕಂಡ ವಿಳಾಸಕ್ಕೆ ತಿಳಿಸತಕ್ಕದ್ದು. ತಪ್ಪಿದಲ್ಲಿ ಯಾವುದೇ ಹಕ್ಕು ಇಲ್ಲವೆಂದು ಭಾವಿಸಿ ವ್ಯವಹಾರ ಮುಂದುವರಿಸಲಾಗುವುದು. ವಕೀಲರು, ಹಾಸನ.
ನ್ಯಾಯಾಲಯದ ಪ್ರಕಟಣೆ
ಪ್ರಧಾನ ಜಿಲ್ಲಾ ಮತ್ತು ಸತ್ರ ನ್ಯಾಯಾಧೀಶರ ನ್ಯಾಯಾಲಯ, ಹಾಸನ. ಪಿ ಅಂಡ್ ಎಸ್ ಸಂಖ್ಯೆ: ಅರ್ಜಿದಾರರು ತಮ್ಮ ಪೋಷಕರ ಸ್ವತ್ತಿನ ಬಗ್ಗೆ ಉತ್ತರಾಧಿಕಾರ ಪ್ರಮಾಣಪತ್ರ ಕೋರಿದ್ದು ಸಂಬಂಧಿಸಿದವರು ದಿನಾಂಕ 26.07.2025 ರಂದು ನ್ಯಾಯಾಲಯಕ್ಕೆ ಹಾಜರಾಗಿ ಆಕ್ಷೇಪಣೆ ಸಲ್ಲಿಸಬಹುದು. ನ್ಯಾಯಾಲಯದ ಆದೇಶದ ಮೇರೆಗೆ ಪ್ರಕಟಿಸಲಾಗಿದೆ.
ನ್ಯಾಯಾಲಯದ ಪ್ರಕಟಣೆ
ಹಿರಿಯ ಸಿವಿಲ್ ನ್ಯಾಯಾಧೀಶರ ನ್ಯಾಯಾಲಯ, ಅರಸೀಕೆರೆ. ವಾರಸುದಾರಿಕೆ ಅರ್ಜಿ ಸಂಖ್ಯೆ: ಅರ್ಜಿದಾರರು ಮೃತರ ಹೆಸರಿನಲ್ಲಿರುವ ಠೇವಣಿ ಹಣ ಪಡೆಯಲು ಅನುಮತಿ ಕೋರಿದ್ದು ಸಾರ್ವಜನಿಕರಿಗೆ ಆಕ್ಷೇಪಣೆ ಇದ್ದಲ್ಲಿ ದಿನಾಂಕ 28.07.2025 ರೊಳಗೆ ಸಲ್ಲಿಸತಕ್ಕದ್ದು. ತಪ್ಪಿದಲ್ಲಿ ಕಾನೂನು ರೀತ್ಯಾ ಕ್ರಮ ಜರುಗಿಸಲಾಗುವುದು.
ನ್ಯಾಯಾಲಯದ ಪ್ರಕಟಣೆ
ಹಿರಿಯ ಸಿವಿಲ್ ನ್ಯಾಯಾಧೀಶರ ನ್ಯಾಯಾಲಯ, ಹಾಸನ. ಅರ್ಜಿದಾರರು: ಶ್ರೀ ಚಂದ್ರಶೇಖರ್. ಮೃತರ ಹೆಸರಿನಲ್ಲಿರುವ ಜೀವ ವಿಮಾ ಪಾಲಿಸಿ ಹಾಗೂ ಬ್ಯಾಂಕ್ ಖಾತೆ ಹಣವನ್ನು ಪಡೆಯಲು ವಾರಸುದಾರಿಕೆ ಪ್ರಮಾಣಪತ್ರ ಕೋರಿದ್ದು ಆಕ್ಷೇಪಣೆ ಇದ್ದವರು ದಿನಾಂಕ 30.07.2025 ರಂದು ಹಾಜರಾಗಬಹುದು.
